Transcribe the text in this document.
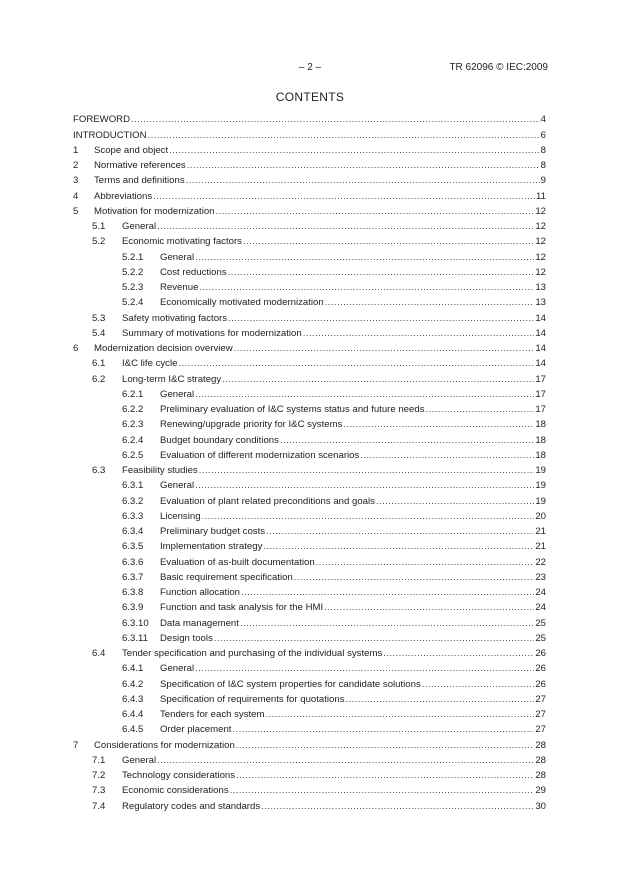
– 2 –	TR 62096 © IEC:2009
CONTENTS
FOREWORD .....	4
INTRODUCTION .....	6
1	Scope and object .....	8
2	Normative references .....	8
3	Terms and definitions .....	9
4	Abbreviations .....	11
5	Motivation for modernization .....	12
5.1	General .....	12
5.2	Economic motivating factors .....	12
5.2.1	General .....	12
5.2.2	Cost reductions .....	12
5.2.3	Revenue .....	13
5.2.4	Economically motivated modernization .....	13
5.3	Safety motivating factors .....	14
5.4	Summary of motivations for modernization .....	14
6	Modernization decision overview .....	14
6.1	I&C life cycle .....	14
6.2	Long-term I&C strategy .....	17
6.2.1	General .....	17
6.2.2	Preliminary evaluation of I&C systems status and future needs .....	17
6.2.3	Renewing/upgrade priority for I&C systems .....	18
6.2.4	Budget boundary conditions .....	18
6.2.5	Evaluation of different modernization scenarios .....	18
6.3	Feasibility studies .....	19
6.3.1	General .....	19
6.3.2	Evaluation of plant related preconditions and goals .....	19
6.3.3	Licensing .....	20
6.3.4	Preliminary budget costs .....	21
6.3.5	Implementation strategy .....	21
6.3.6	Evaluation of as-built documentation .....	22
6.3.7	Basic requirement specification .....	23
6.3.8	Function allocation .....	24
6.3.9	Function and task analysis for the HMI .....	24
6.3.10	Data management .....	25
6.3.11	Design tools .....	25
6.4	Tender specification and purchasing of the individual systems .....	26
6.4.1	General .....	26
6.4.2	Specification of I&C system properties for candidate solutions .....	26
6.4.3	Specification of requirements for quotations .....	27
6.4.4	Tenders for each system .....	27
6.4.5	Order placement .....	27
7	Considerations for modernization .....	28
7.1	General .....	28
7.2	Technology considerations .....	28
7.3	Economic considerations .....	29
7.4	Regulatory codes and standards .....	30
